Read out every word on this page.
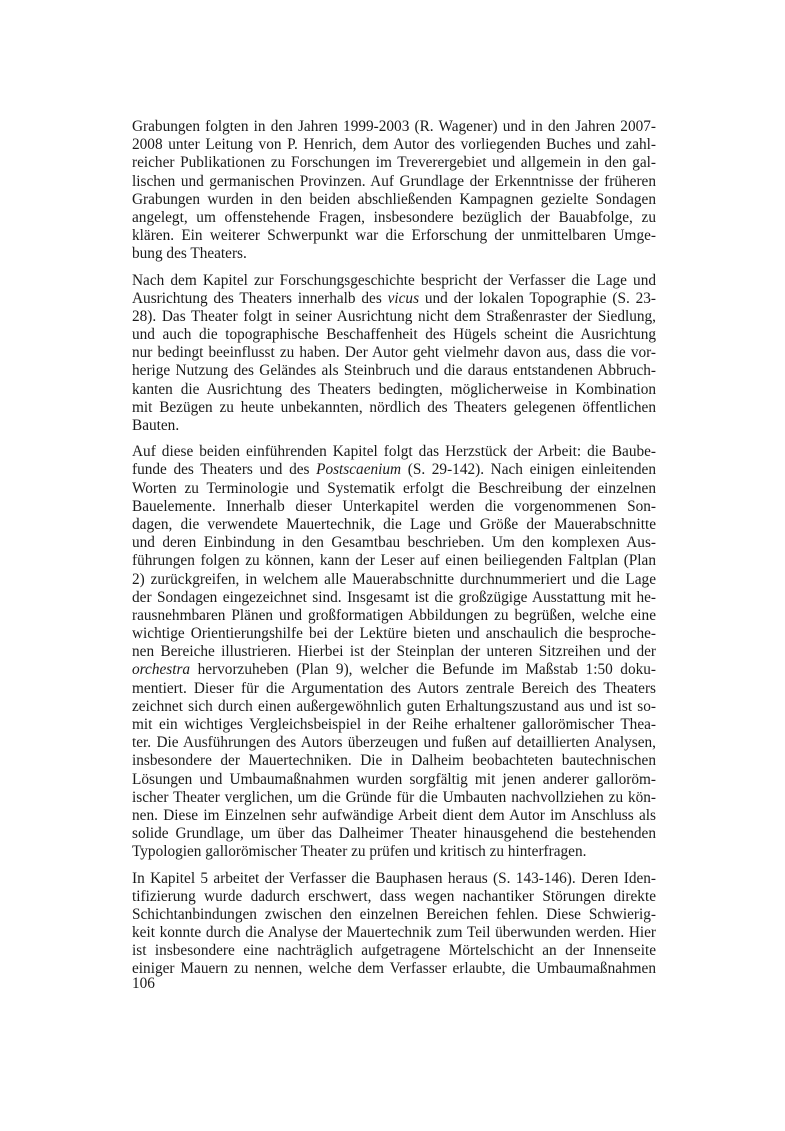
Grabungen folgten in den Jahren 1999-2003 (R. Wagener) und in den Jahren 2007-
2008 unter Leitung von P. Henrich, dem Autor des vorliegenden Buches und zahl-
reicher Publikationen zu Forschungen im Treverergebiet und allgemein in den gal-
lischen und germanischen Provinzen. Auf Grundlage der Erkenntnisse der früheren
Grabungen wurden in den beiden abschließenden Kampagnen gezielte Sondagen
angelegt, um offenstehende Fragen, insbesondere bezüglich der Bauabfolge, zu
klären. Ein weiterer Schwerpunkt war die Erforschung der unmittelbaren Umge-
bung des Theaters.
Nach dem Kapitel zur Forschungsgeschichte bespricht der Verfasser die Lage und
Ausrichtung des Theaters innerhalb des vicus und der lokalen Topographie (S. 23-
28). Das Theater folgt in seiner Ausrichtung nicht dem Straßenraster der Siedlung,
und auch die topographische Beschaffenheit des Hügels scheint die Ausrichtung
nur bedingt beeinflusst zu haben. Der Autor geht vielmehr davon aus, dass die vor-
herige Nutzung des Geländes als Steinbruch und die daraus entstandenen Abbruch-
kanten die Ausrichtung des Theaters bedingten, möglicherweise in Kombination
mit Bezügen zu heute unbekannten, nördlich des Theaters gelegenen öffentlichen
Bauten.
Auf diese beiden einführenden Kapitel folgt das Herzstück der Arbeit: die Baube-
funde des Theaters und des Postscaenium (S. 29-142). Nach einigen einleitenden
Worten zu Terminologie und Systematik erfolgt die Beschreibung der einzelnen
Bauelemente. Innerhalb dieser Unterkapitel werden die vorgenommenen Son-
dagen, die verwendete Mauertechnik, die Lage und Größe der Mauerabschnitte
und deren Einbindung in den Gesamtbau beschrieben. Um den komplexen Aus-
führungen folgen zu können, kann der Leser auf einen beiliegenden Faltplan (Plan
2) zurückgreifen, in welchem alle Mauerabschnitte durchnummeriert und die Lage
der Sondagen eingezeichnet sind. Insgesamt ist die großzügige Ausstattung mit he-
rausnehmbaren Plänen und großformatigen Abbildungen zu begrüßen, welche eine
wichtige Orientierungshilfe bei der Lektüre bieten und anschaulich die besproche-
nen Bereiche illustrieren. Hierbei ist der Steinplan der unteren Sitzreihen und der
orchestra hervorzuheben (Plan 9), welcher die Befunde im Maßstab 1:50 doku-
mentiert. Dieser für die Argumentation des Autors zentrale Bereich des Theaters
zeichnet sich durch einen außergewöhnlich guten Erhaltungszustand aus und ist so-
mit ein wichtiges Vergleichsbeispiel in der Reihe erhaltener gallorömischer Thea-
ter. Die Ausführungen des Autors überzeugen und fußen auf detaillierten Analysen,
insbesondere der Mauertechniken. Die in Dalheim beobachteten bautechnischen
Lösungen und Umbaumaßnahmen wurden sorgfältig mit jenen anderer galloröm-
ischer Theater verglichen, um die Gründe für die Umbauten nachvollziehen zu kön-
nen. Diese im Einzelnen sehr aufwändige Arbeit dient dem Autor im Anschluss als
solide Grundlage, um über das Dalheimer Theater hinausgehend die bestehenden
Typologien gallorömischer Theater zu prüfen und kritisch zu hinterfragen.
In Kapitel 5 arbeitet der Verfasser die Bauphasen heraus (S. 143-146). Deren Iden-
tifizierung wurde dadurch erschwert, dass wegen nachantiker Störungen direkte
Schichtanbindungen zwischen den einzelnen Bereichen fehlen. Diese Schwierig-
keit konnte durch die Analyse der Mauertechnik zum Teil überwunden werden. Hier
ist insbesondere eine nachträglich aufgetragene Mörtelschicht an der Innenseite
einiger Mauern zu nennen, welche dem Verfasser erlaubte, die Umbaumaßnahmen
106
